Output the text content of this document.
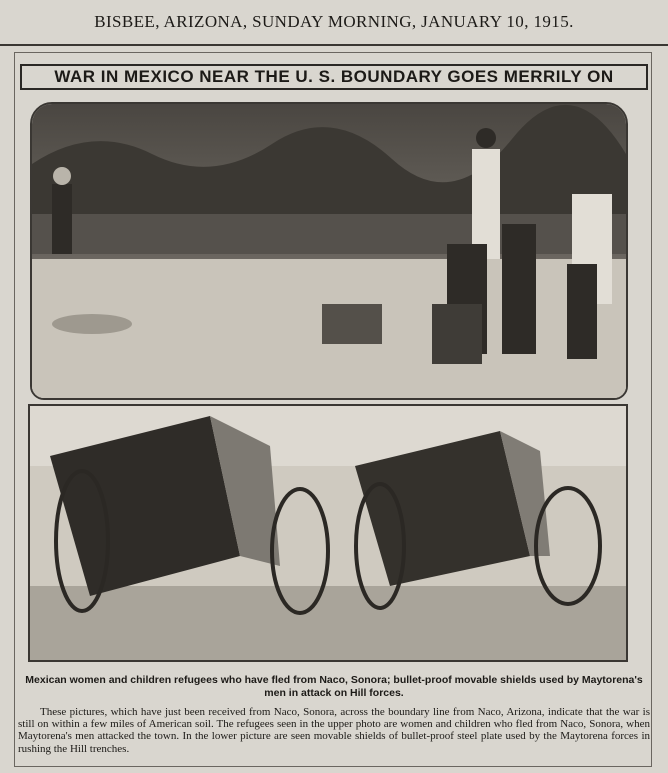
BISBEE, ARIZONA, SUNDAY MORNING, JANUARY 10, 1915.
WAR IN MEXICO NEAR THE U. S. BOUNDARY GOES MERRILY ON
Mexican women and children refugees who have fled from Naco, Sonora; bullet-proof movable shields used by Maytorena's men in attack on Hill forces.
These pictures, which have just been received from Naco, Sonora, across the boundary line from Naco, Arizona, indicate that the war is still on within a few miles of American soil. The refugees seen in the upper photo are women and children who fled from Naco, Sonora, when Maytorena's men attacked the town. In the lower picture are seen movable shields of bullet-proof steel plate used by the Maytorena forces in rushing the Hill trenches.
